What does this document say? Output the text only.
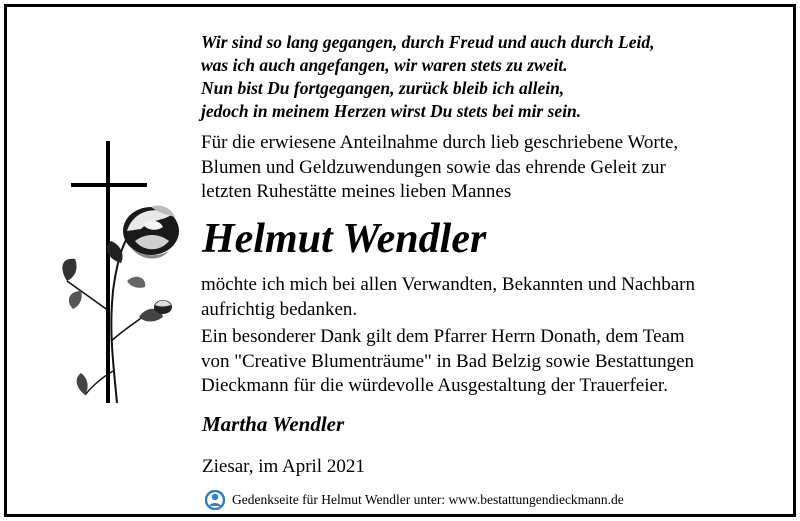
Wir sind so lang gegangen, durch Freud und auch durch Leid,
was ich auch angefangen, wir waren stets zu zweit.
Nun bist Du fortgegangen, zurück bleib ich allein,
jedoch in meinem Herzen wirst Du stets bei mir sein.
Für die erwiesene Anteilnahme durch lieb geschriebene Worte,
Blumen und Geldzuwendungen sowie das ehrende Geleit zur
letzten Ruhestätte meines lieben Mannes
Helmut Wendler
möchte ich mich bei allen Verwandten, Bekannten und Nachbarn
aufrichtig bedanken.
Ein besonderer Dank gilt dem Pfarrer Herrn Donath, dem Team
von "Creative Blumenträume" in Bad Belzig sowie Bestattungen
Dieckmann für die würdevolle Ausgestaltung der Trauerfeier.
Martha Wendler
Ziesar, im April 2021
Gedenkseite für Helmut Wendler unter: www.bestattungendieckmann.de
